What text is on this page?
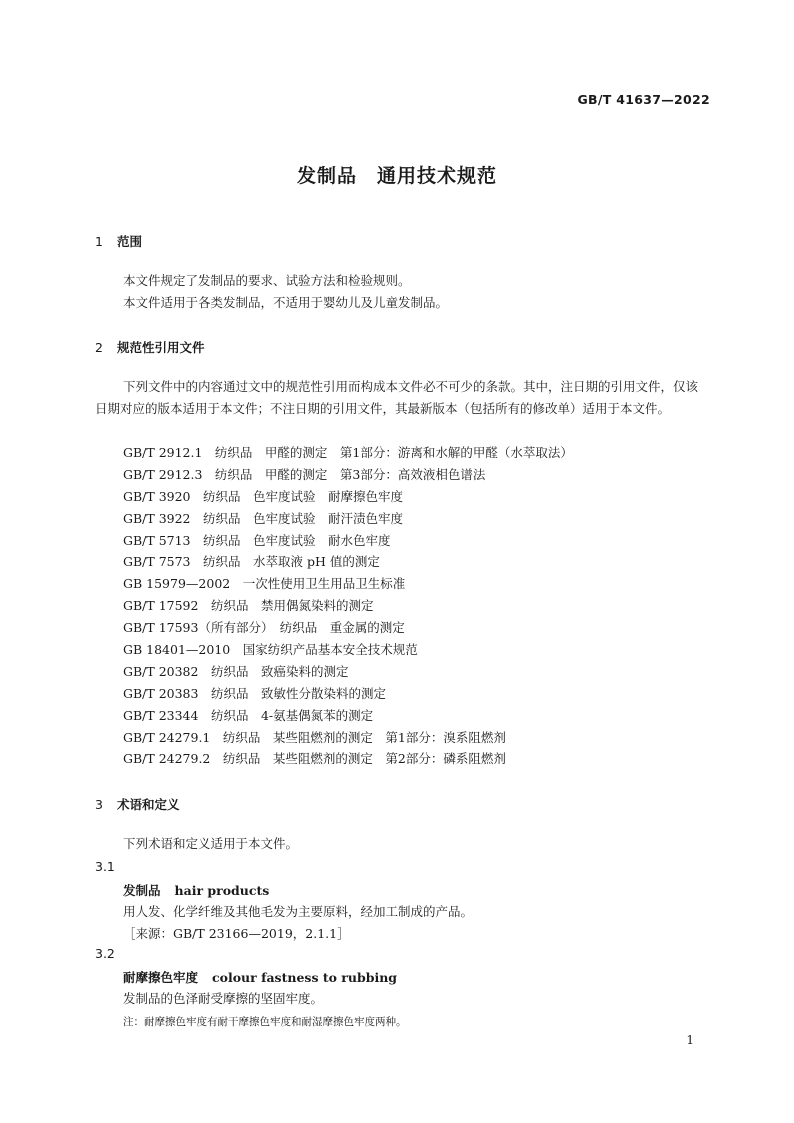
GB/T 41637—2022
发制品　通用技术规范
1 范围
本文件规定了发制品的要求、试验方法和检验规则。
本文件适用于各类发制品，不适用于婴幼儿及儿童发制品。
2 规范性引用文件
下列文件中的内容通过文中的规范性引用而构成本文件必不可少的条款。其中，注日期的引用文件，仅该日期对应的版本适用于本文件；不注日期的引用文件，其最新版本（包括所有的修改单）适用于本文件。
GB/T 2912.1　纺织品　甲醛的测定　第1部分：游离和水解的甲醛（水萃取法）
GB/T 2912.3　纺织品　甲醛的测定　第3部分：高效液相色谱法
GB/T 3920　纺织品　色牢度试验　耐摩擦色牢度
GB/T 3922　纺织品　色牢度试验　耐汗渍色牢度
GB/T 5713　纺织品　色牢度试验　耐水色牢度
GB/T 7573　纺织品　水萃取液 pH 值的测定
GB 15979—2002　一次性使用卫生用品卫生标准
GB/T 17592　纺织品　禁用偶氮染料的测定
GB/T 17593（所有部分）　纺织品　重金属的测定
GB 18401—2010　国家纺织产品基本安全技术规范
GB/T 20382　纺织品　致癌染料的测定
GB/T 20383　纺织品　致敏性分散染料的测定
GB/T 23344　纺织品　4-氨基偶氮苯的测定
GB/T 24279.1　纺织品　某些阻燃剂的测定　第1部分：溴系阻燃剂
GB/T 24279.2　纺织品　某些阻燃剂的测定　第2部分：磷系阻燃剂
3 术语和定义
下列术语和定义适用于本文件。
3.1
发制品 hair products
用人发、化学纤维及其他毛发为主要原料，经加工制成的产品。
［来源：GB/T 23166—2019，2.1.1］
3.2
耐摩擦色牢度 colour fastness to rubbing
发制品的色泽耐受摩擦的坚固牢度。
注：耐摩擦色牢度有耐干摩擦色牢度和耐湿摩擦色牢度两种。
1
